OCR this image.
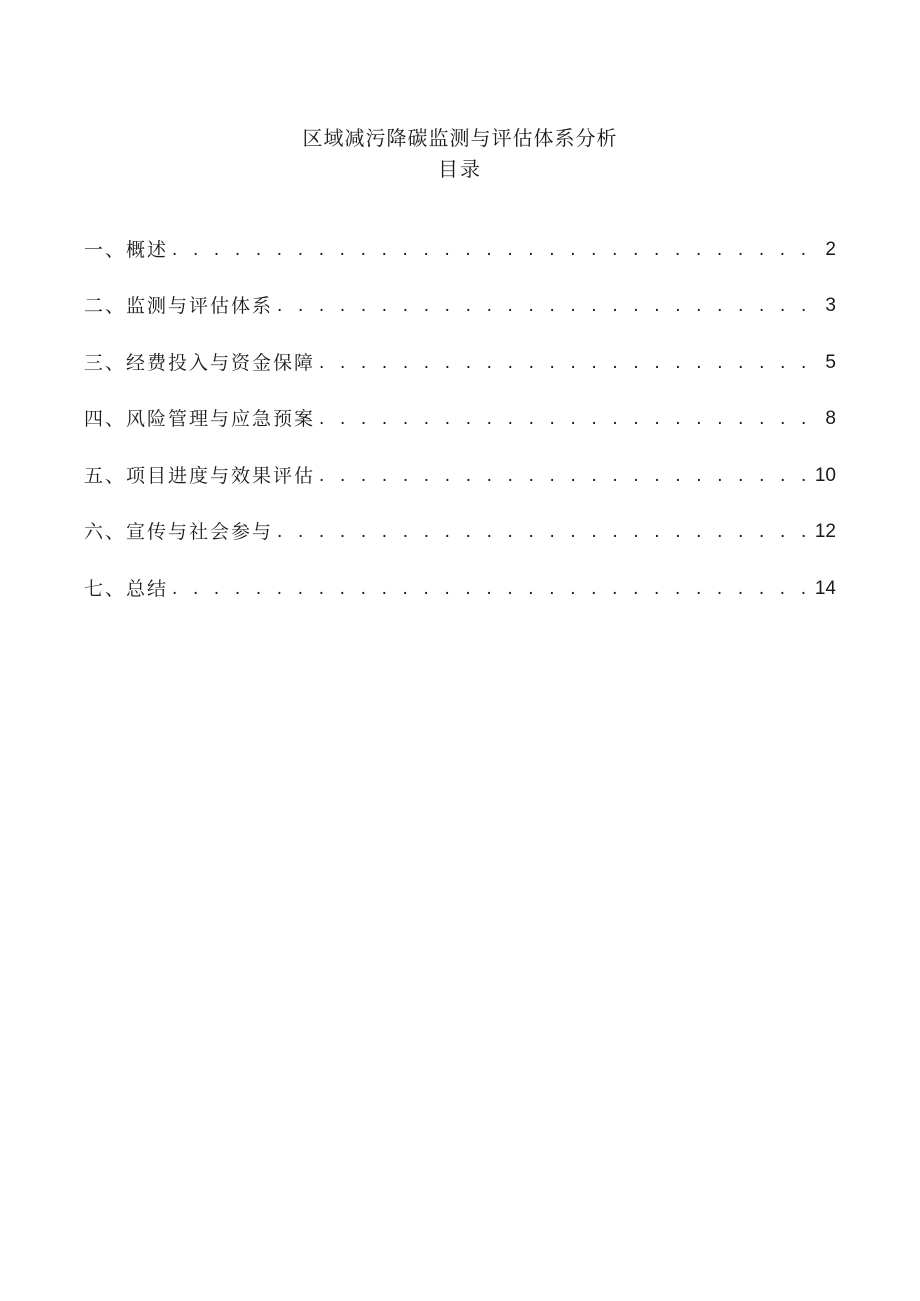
区域减污降碳监测与评估体系分析
目录
一、概述 . . .	2
二、监测与评估体系 . . .	3
三、经费投入与资金保障 . . .	5
四、风险管理与应急预案 . . .	8
五、项目进度与效果评估 . . .	10
六、宣传与社会参与 . . .	12
七、总结 . . .	14
